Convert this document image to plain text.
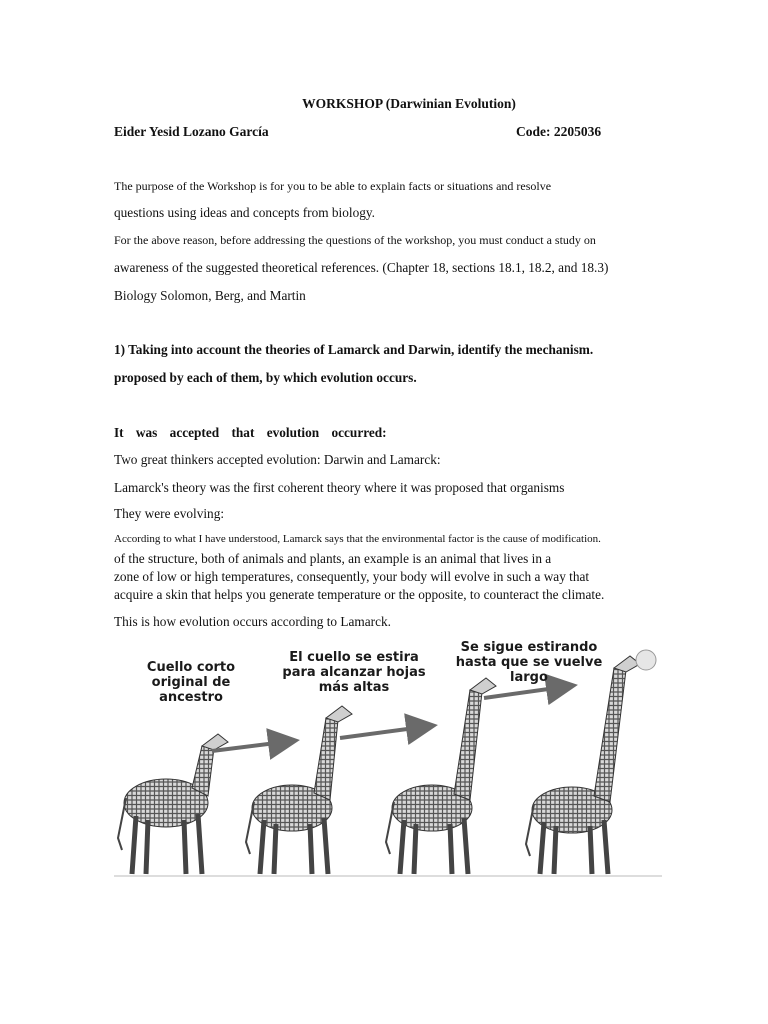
WORKSHOP (Darwinian Evolution)
Eider Yesid Lozano García	Code: 2205036
The purpose of the Workshop is for you to be able to explain facts or situations and resolve
questions using ideas and concepts from biology.
For the above reason, before addressing the questions of the workshop, you must conduct a study on
awareness of the suggested theoretical references. (Chapter 18, sections 18.1, 18.2, and 18.3)
Biology Solomon, Berg, and Martin
1) Taking into account the theories of Lamarck and Darwin, identify the mechanism.
proposed by each of them, by which evolution occurs.
It was accepted that evolution occurred:
Two great thinkers accepted evolution: Darwin and Lamarck:
Lamarck's theory was the first coherent theory where it was proposed that organisms
They were evolving:
According to what I have understood, Lamarck says that the environmental factor is the cause of modification.
of the structure, both of animals and plants, an example is an animal that lives in a
zone of low or high temperatures, consequently, your body will evolve in such a way that
acquire a skin that helps you generate temperature or the opposite, to counteract the climate.
This is how evolution occurs according to Lamarck.
Cuello corto
original de
ancestro
El cuello se estira
para alcanzar hojas
más altas
Se sigue estirando
hasta que se vuelve
largo
